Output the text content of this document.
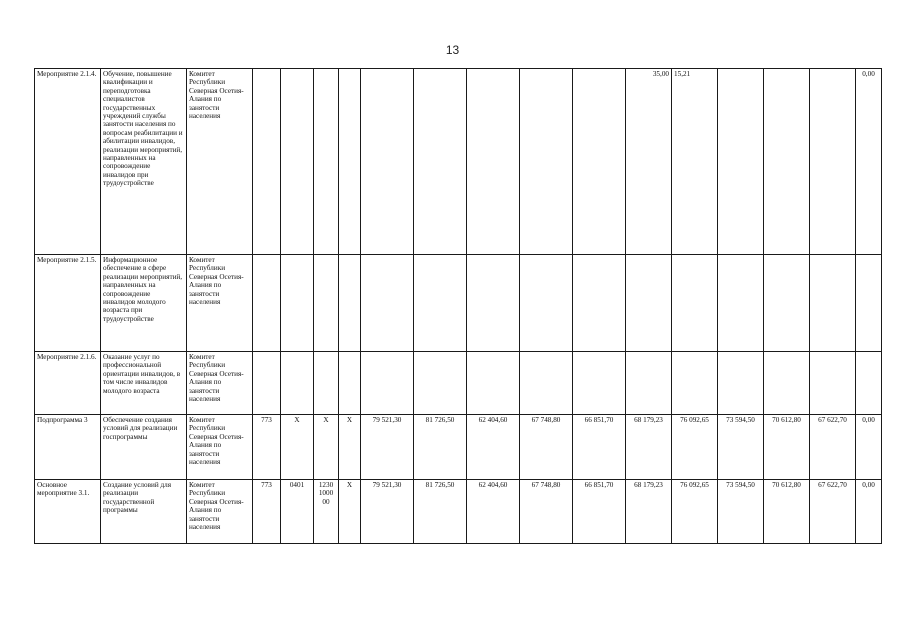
13
Мероприятие 2.1.4.	Обучение, повышение квалификации и переподготовка специалистов государственных учреждений службы занятости населения по вопросам реабилитации и абилитации инвалидов, реализации мероприятий, направленных на сопровождение инвалидов при трудоустройстве	Комитет Республики Северная Осетия-Алания по занятости населения										35,00	15,21				0,00
Мероприятие 2.1.5.	Информационное обеспечение в сфере реализации мероприятий, направленных на сопровождение инвалидов молодого возраста при трудоустройстве	Комитет Республики Северная Осетия-Алания по занятости населения															
Мероприятие 2.1.6.	Оказание услуг по профессиональной ориентации инвалидов, в том числе инвалидов молодого возраста	Комитет Республики Северная Осетия-Алания по занятости населения															
Подпрограмма 3	Обеспечение создания условий для реализации госпрограммы	Комитет Республики Северная Осетия-Алания по занятости населения	773	X	X	X	79 521,30	81 726,50	62 404,60	67 748,80	66 851,70	68 179,23	76 092,65	73 594,50	70 612,80	67 622,70	0,00
Основное мероприятие 3.1.	Создание условий для реализации государственной программы	Комитет Республики Северная Осетия-Алания по занятости населения	773	0401	1230 1000 00	X	79 521,30	81 726,50	62 404,60	67 748,80	66 851,70	68 179,23	76 092,65	73 594,50	70 612,80	67 622,70	0,00
